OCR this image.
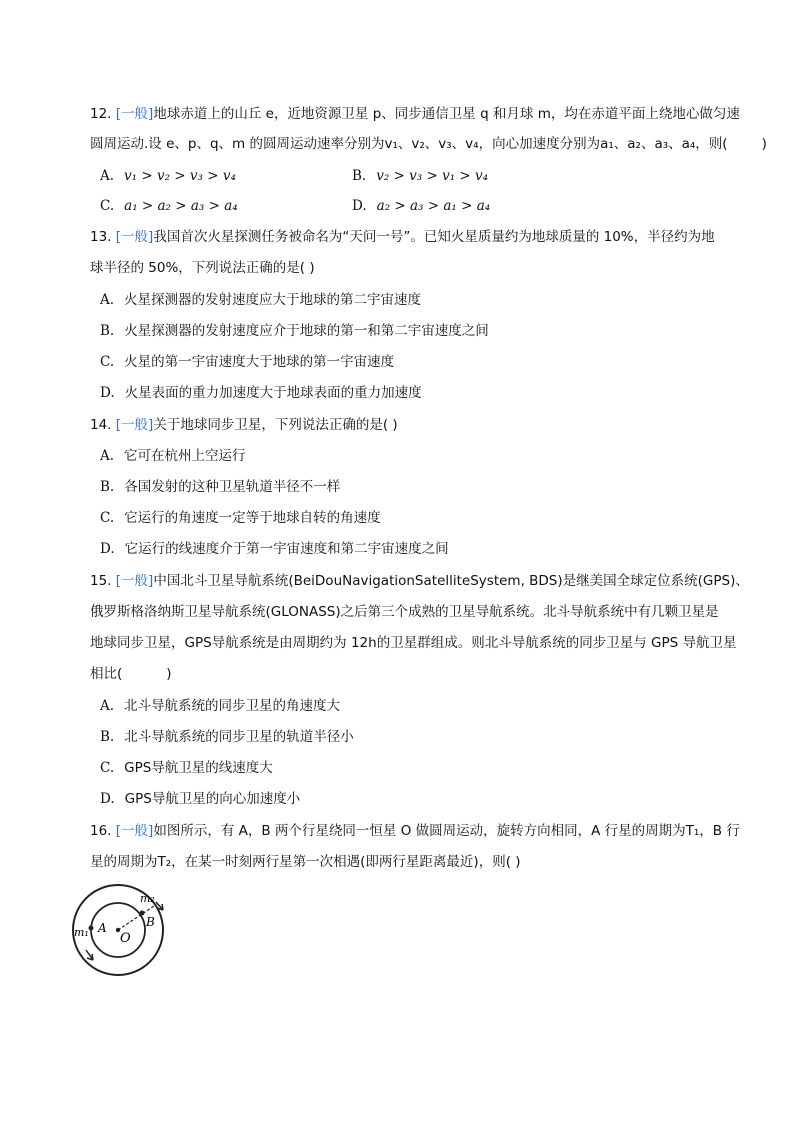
12. [一般]地球赤道上的山丘 e，近地资源卫星 p、同步通信卫星 q 和月球 m，均在赤道平面上绕地心做匀速
圆周运动.设 e、p、q、m 的圆周运动速率分别为v₁、v₂、v₃、v₄，向心加速度分别为a₁、a₂、a₃、a₄，则(	)
A. v₁ > v₂ > v₃ > v₄	B. v₂ > v₃ > v₁ > v₄
C. a₁ > a₂ > a₃ > a₄	D. a₂ > a₃ > a₁ > a₄
13. [一般]我国首次火星探测任务被命名为“天问一号”。已知火星质量约为地球质量的 10%，半径约为地
球半径的 50%，下列说法正确的是( )
A. 火星探测器的发射速度应大于地球的第二宇宙速度
B. 火星探测器的发射速度应介于地球的第一和第二宇宙速度之间
C. 火星的第一宇宙速度大于地球的第一宇宙速度
D. 火星表面的重力加速度大于地球表面的重力加速度
14. [一般]关于地球同步卫星，下列说法正确的是( )
A. 它可在杭州上空运行
B. 各国发射的这种卫星轨道半径不一样
C. 它运行的角速度一定等于地球自转的角速度
D. 它运行的线速度介于第一宇宙速度和第二宇宙速度之间
15. [一般]中国北斗卫星导航系统(BeiDouNavigationSatelliteSystem, BDS)是继美国全球定位系统(GPS)、
俄罗斯格洛纳斯卫星导航系统(GLONASS)之后第三个成熟的卫星导航系统。北斗导航系统中有几颗卫星是
地球同步卫星，GPS导航系统是由周期约为 12h的卫星群组成。则北斗导航系统的同步卫星与 GPS 导航卫星
相比(	)
A. 北斗导航系统的同步卫星的角速度大
B. 北斗导航系统的同步卫星的轨道半径小
C. GPS导航卫星的线速度大
D. GPS导航卫星的向心加速度小
16. [一般]如图所示，有 A，B 两个行星绕同一恒星 O 做圆周运动，旋转方向相同，A 行星的周期为T₁，B 行
星的周期为T₂，在某一时刻两行星第一次相遇(即两行星距离最近)，则( )
O
A	B
m₁
m₂
